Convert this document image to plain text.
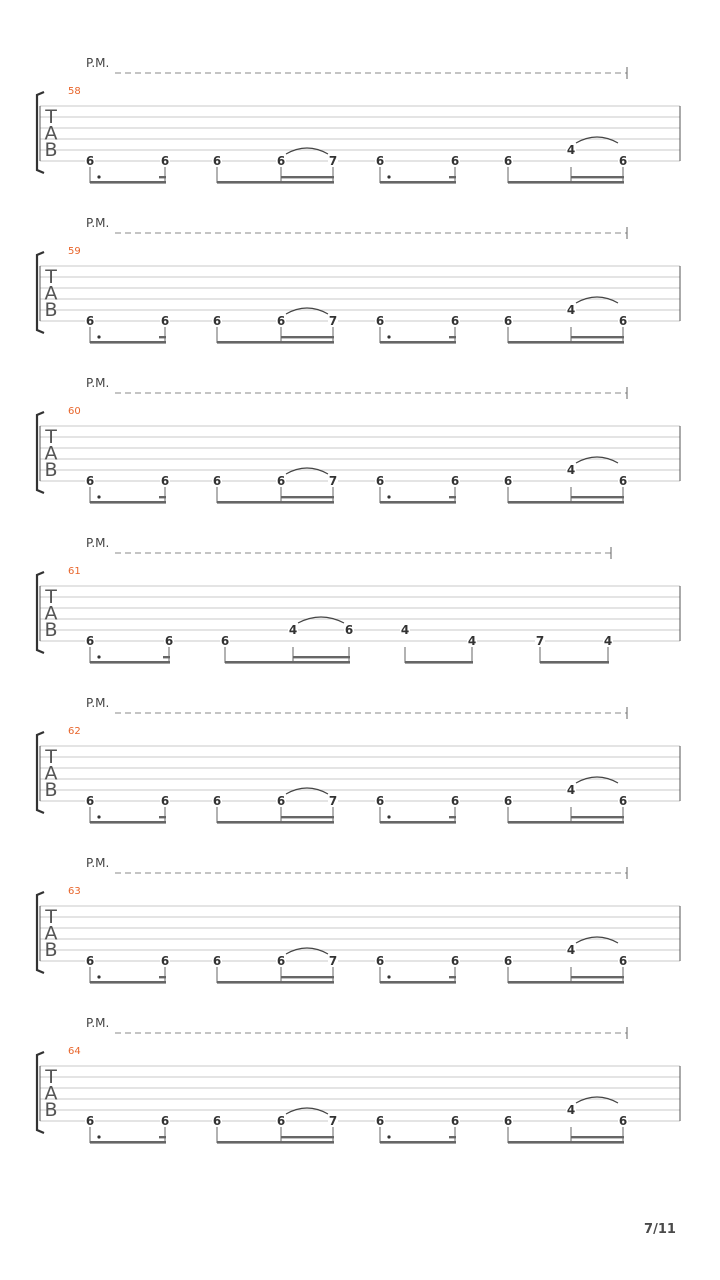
P.M.
58
T
A
B 6	6	6	6	7	6	6	6
4
6
P.M.
59
T
A
B 6	6	6	6	7	6	6	6
4
6
P.M.
60
T
A
B 6	6	6	6	7	6	6	6
4
6
P.M.
61
T
A
B 6	6	6
4	6	4
4	7	4
P.M.
62
T
A
B 6	6	6	6	7	6	6	6
4
6
P.M.
63
T
A
B 6	6	6	6	7	6	6	6
4
6
P.M.
64
T
A
B 6	6	6	6	7	6	6	6
4
6
7/11
